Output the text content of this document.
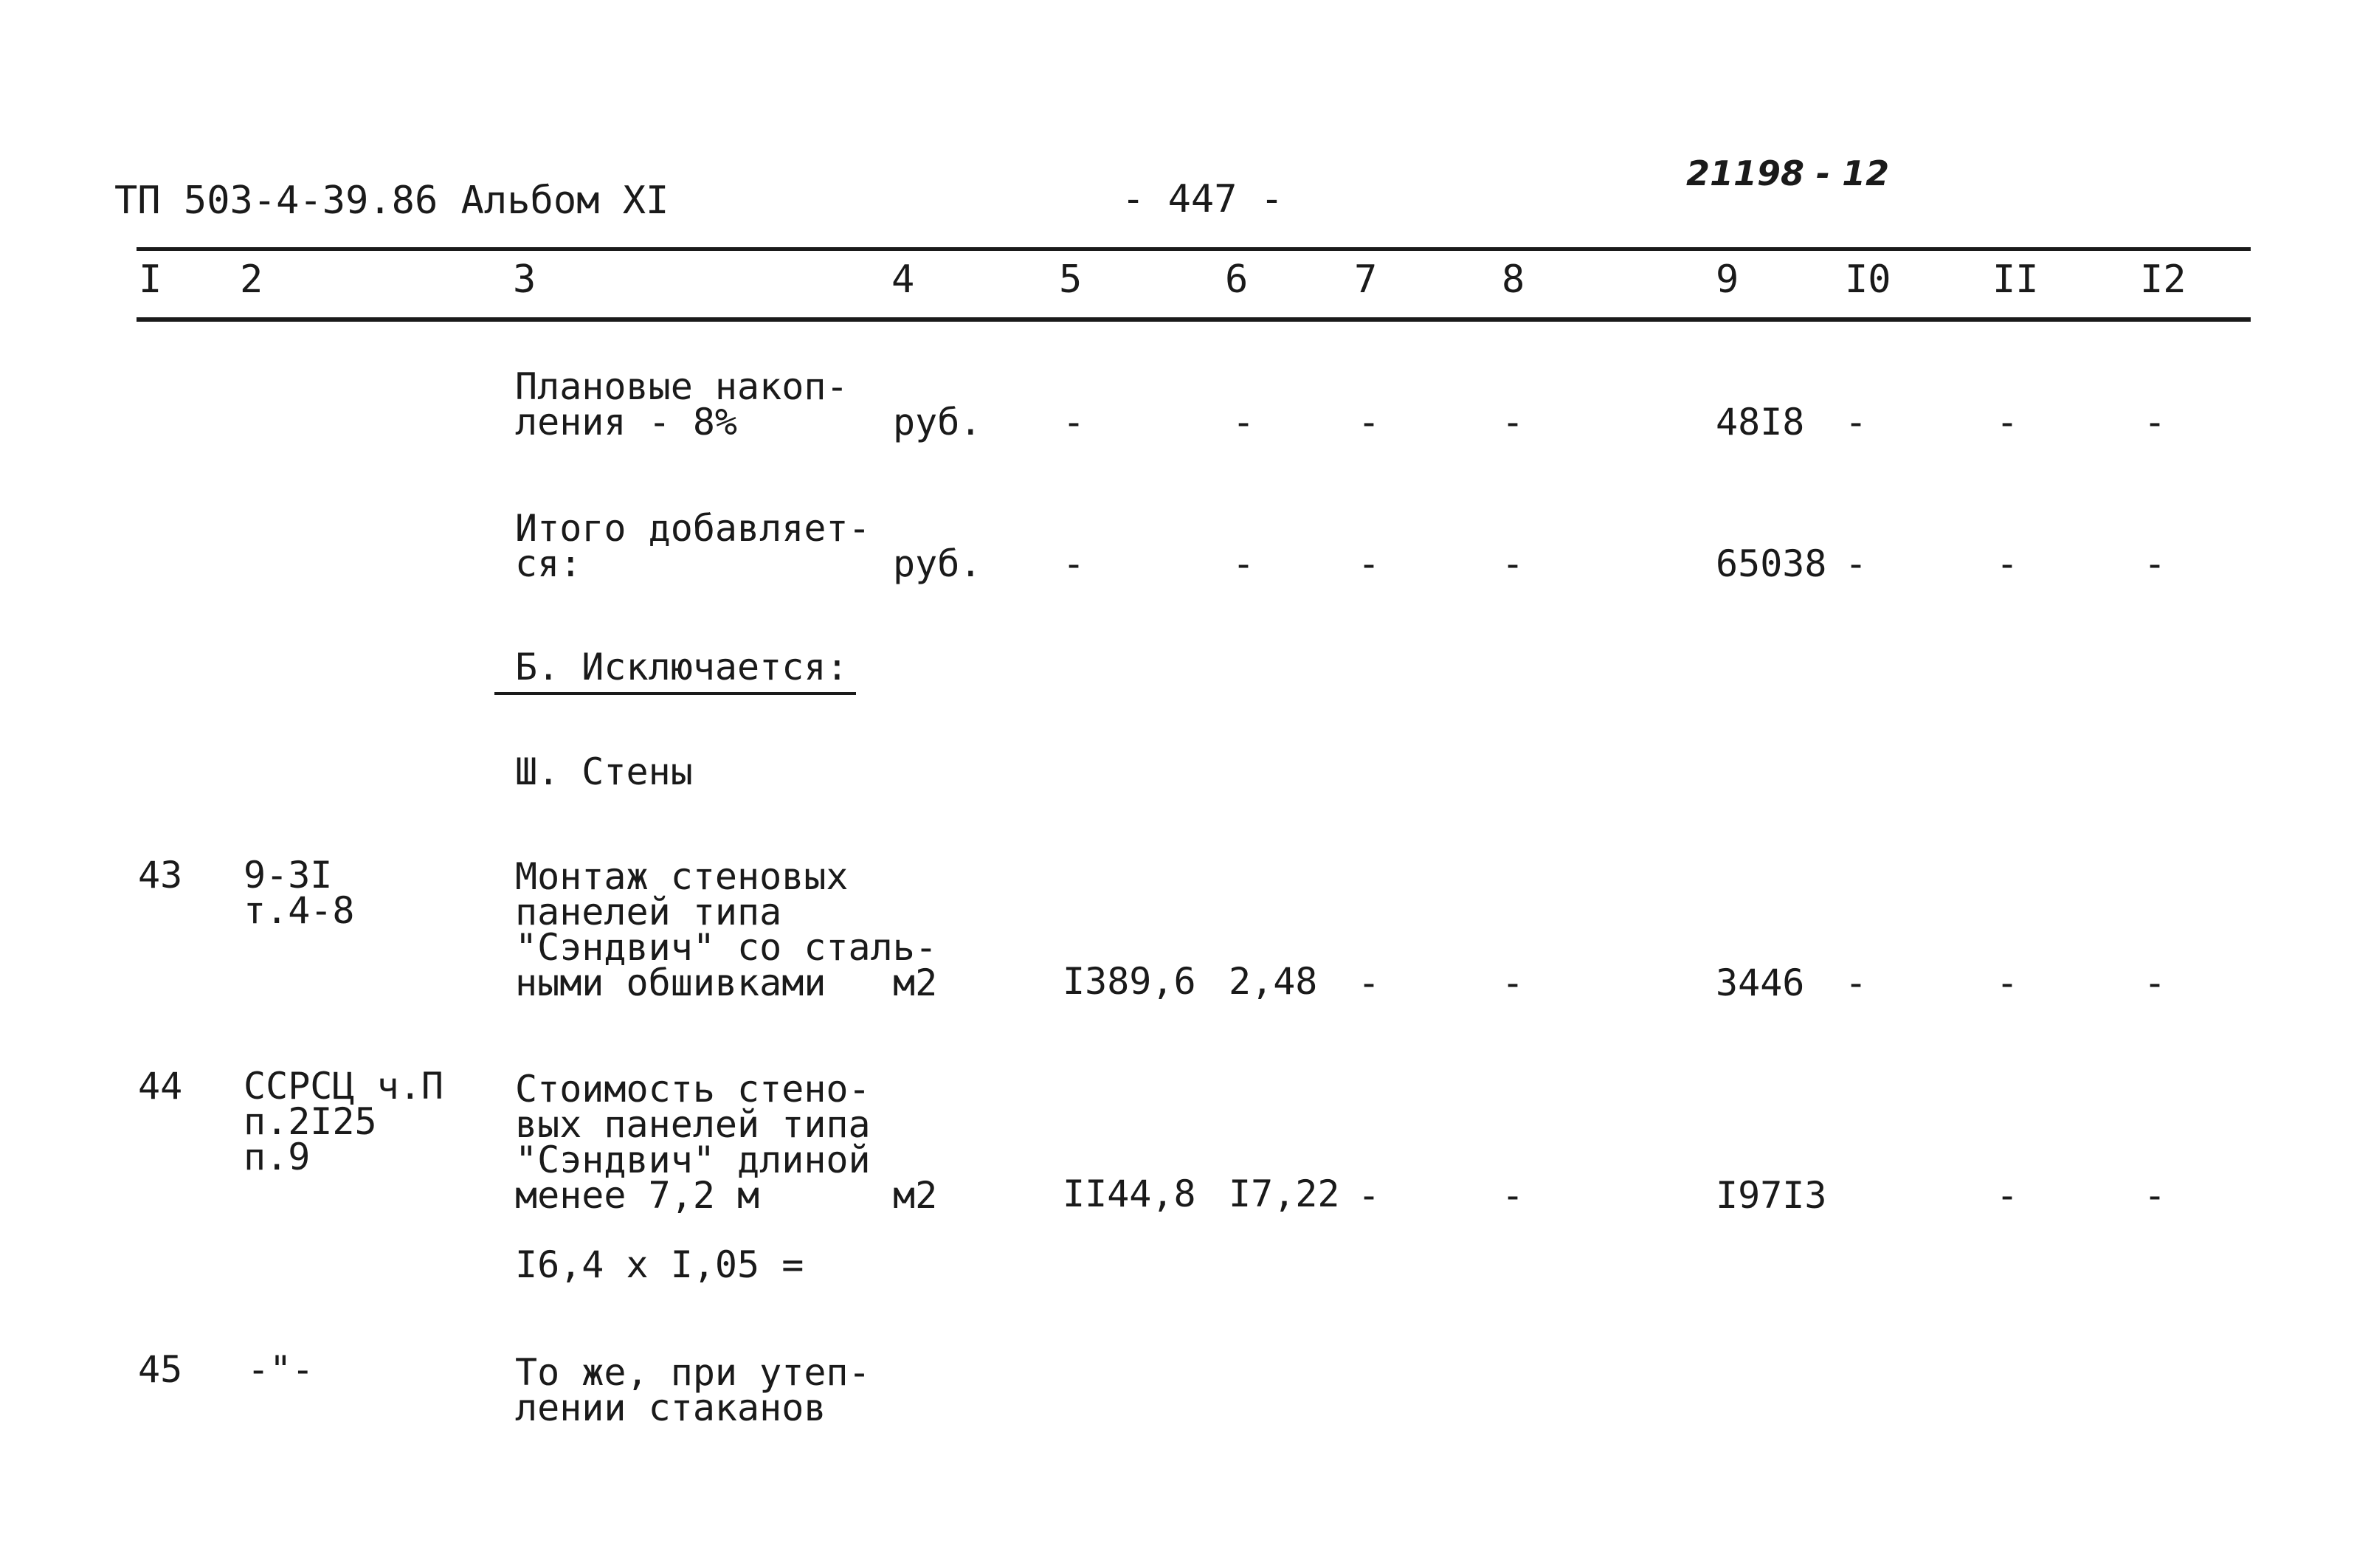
ТП 503-4-39.86 Альбом XI	- 447 -
21198 - 12
I 2	3	4	5	6	7	8	9	I0	II	I2
Плановые накоп-
ления - 8%	руб. -	-	-	-	48I8 -	-	-
Итого добавляет-
ся:	руб. -	-	-	-	65038 -	-	-
Б. Исключается:
Ш. Стены
43 9-3I
т.4-8
Монтаж стеновых
панелей типа
"Сэндвич" со сталь-
ными обшивками	м2	I389,6 2,48 -	-	3446 -	-	-
44 ССРСЦ ч.П
п.2I25
п.9
Стоимость стено-
вых панелей типа
"Сэндвич" длиной
менее 7,2 м	м2	II44,8 I7,22 -	-	I97I3	-	-
I6,4 х I,05 =
45 -"-	То же, при утеп-
лении стаканов
